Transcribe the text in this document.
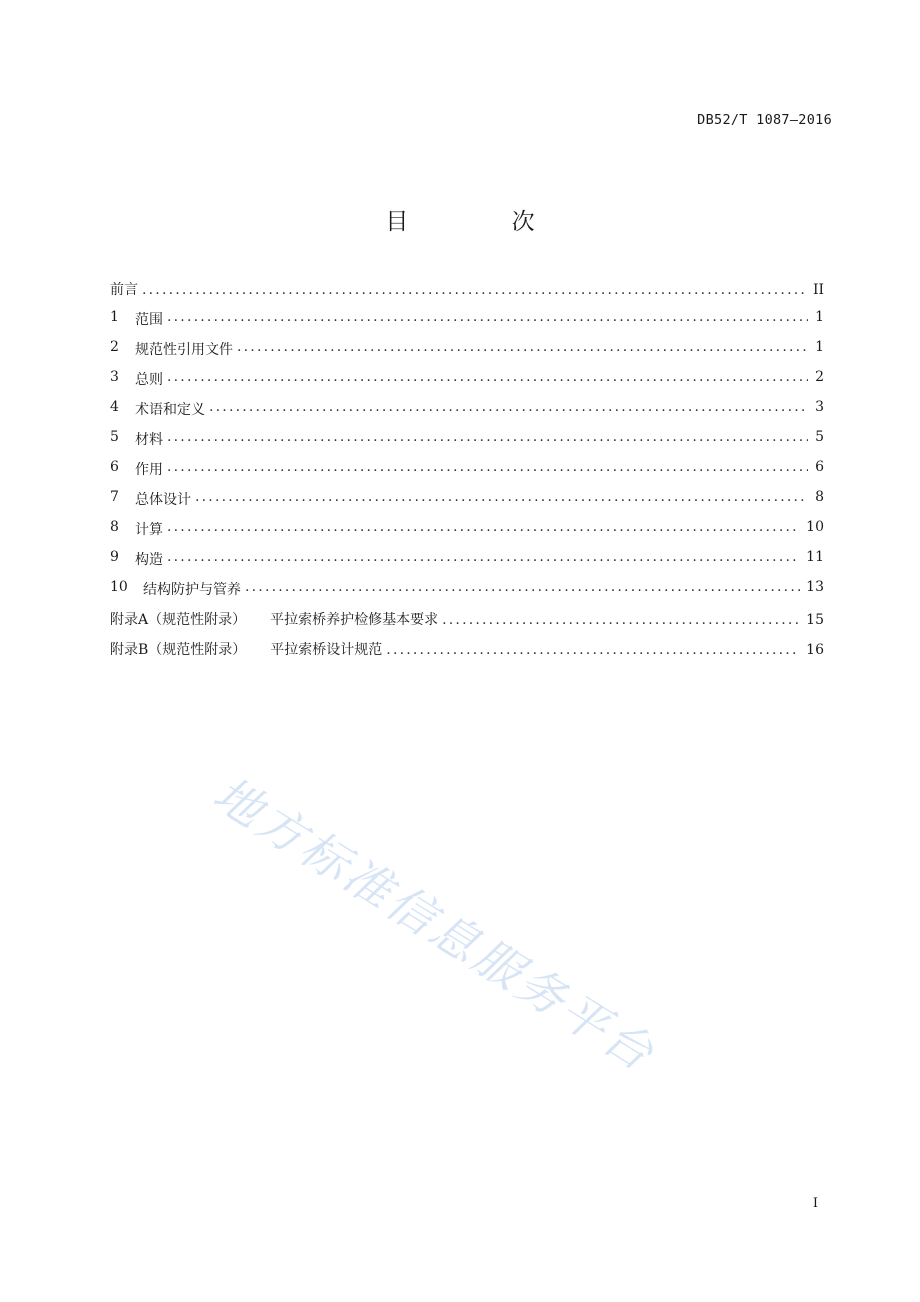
DB52/T 1087—2016
目 次
前言 .....	II
1	范围 .....	1
2	规范性引用文件 .....	1
3	总则 .....	2
4	术语和定义 .....	3
5	材料 .....	5
6	作用 .....	6
7	总体设计 .....	8
8	计算 .....	10
9	构造 .....	11
10	结构防护与管养 .....	13
附录A（规范性附录） 平拉索桥养护检修基本要求 .....	15
附录B（规范性附录） 平拉索桥设计规范 .....	16
地方标准信息服务平台
I
